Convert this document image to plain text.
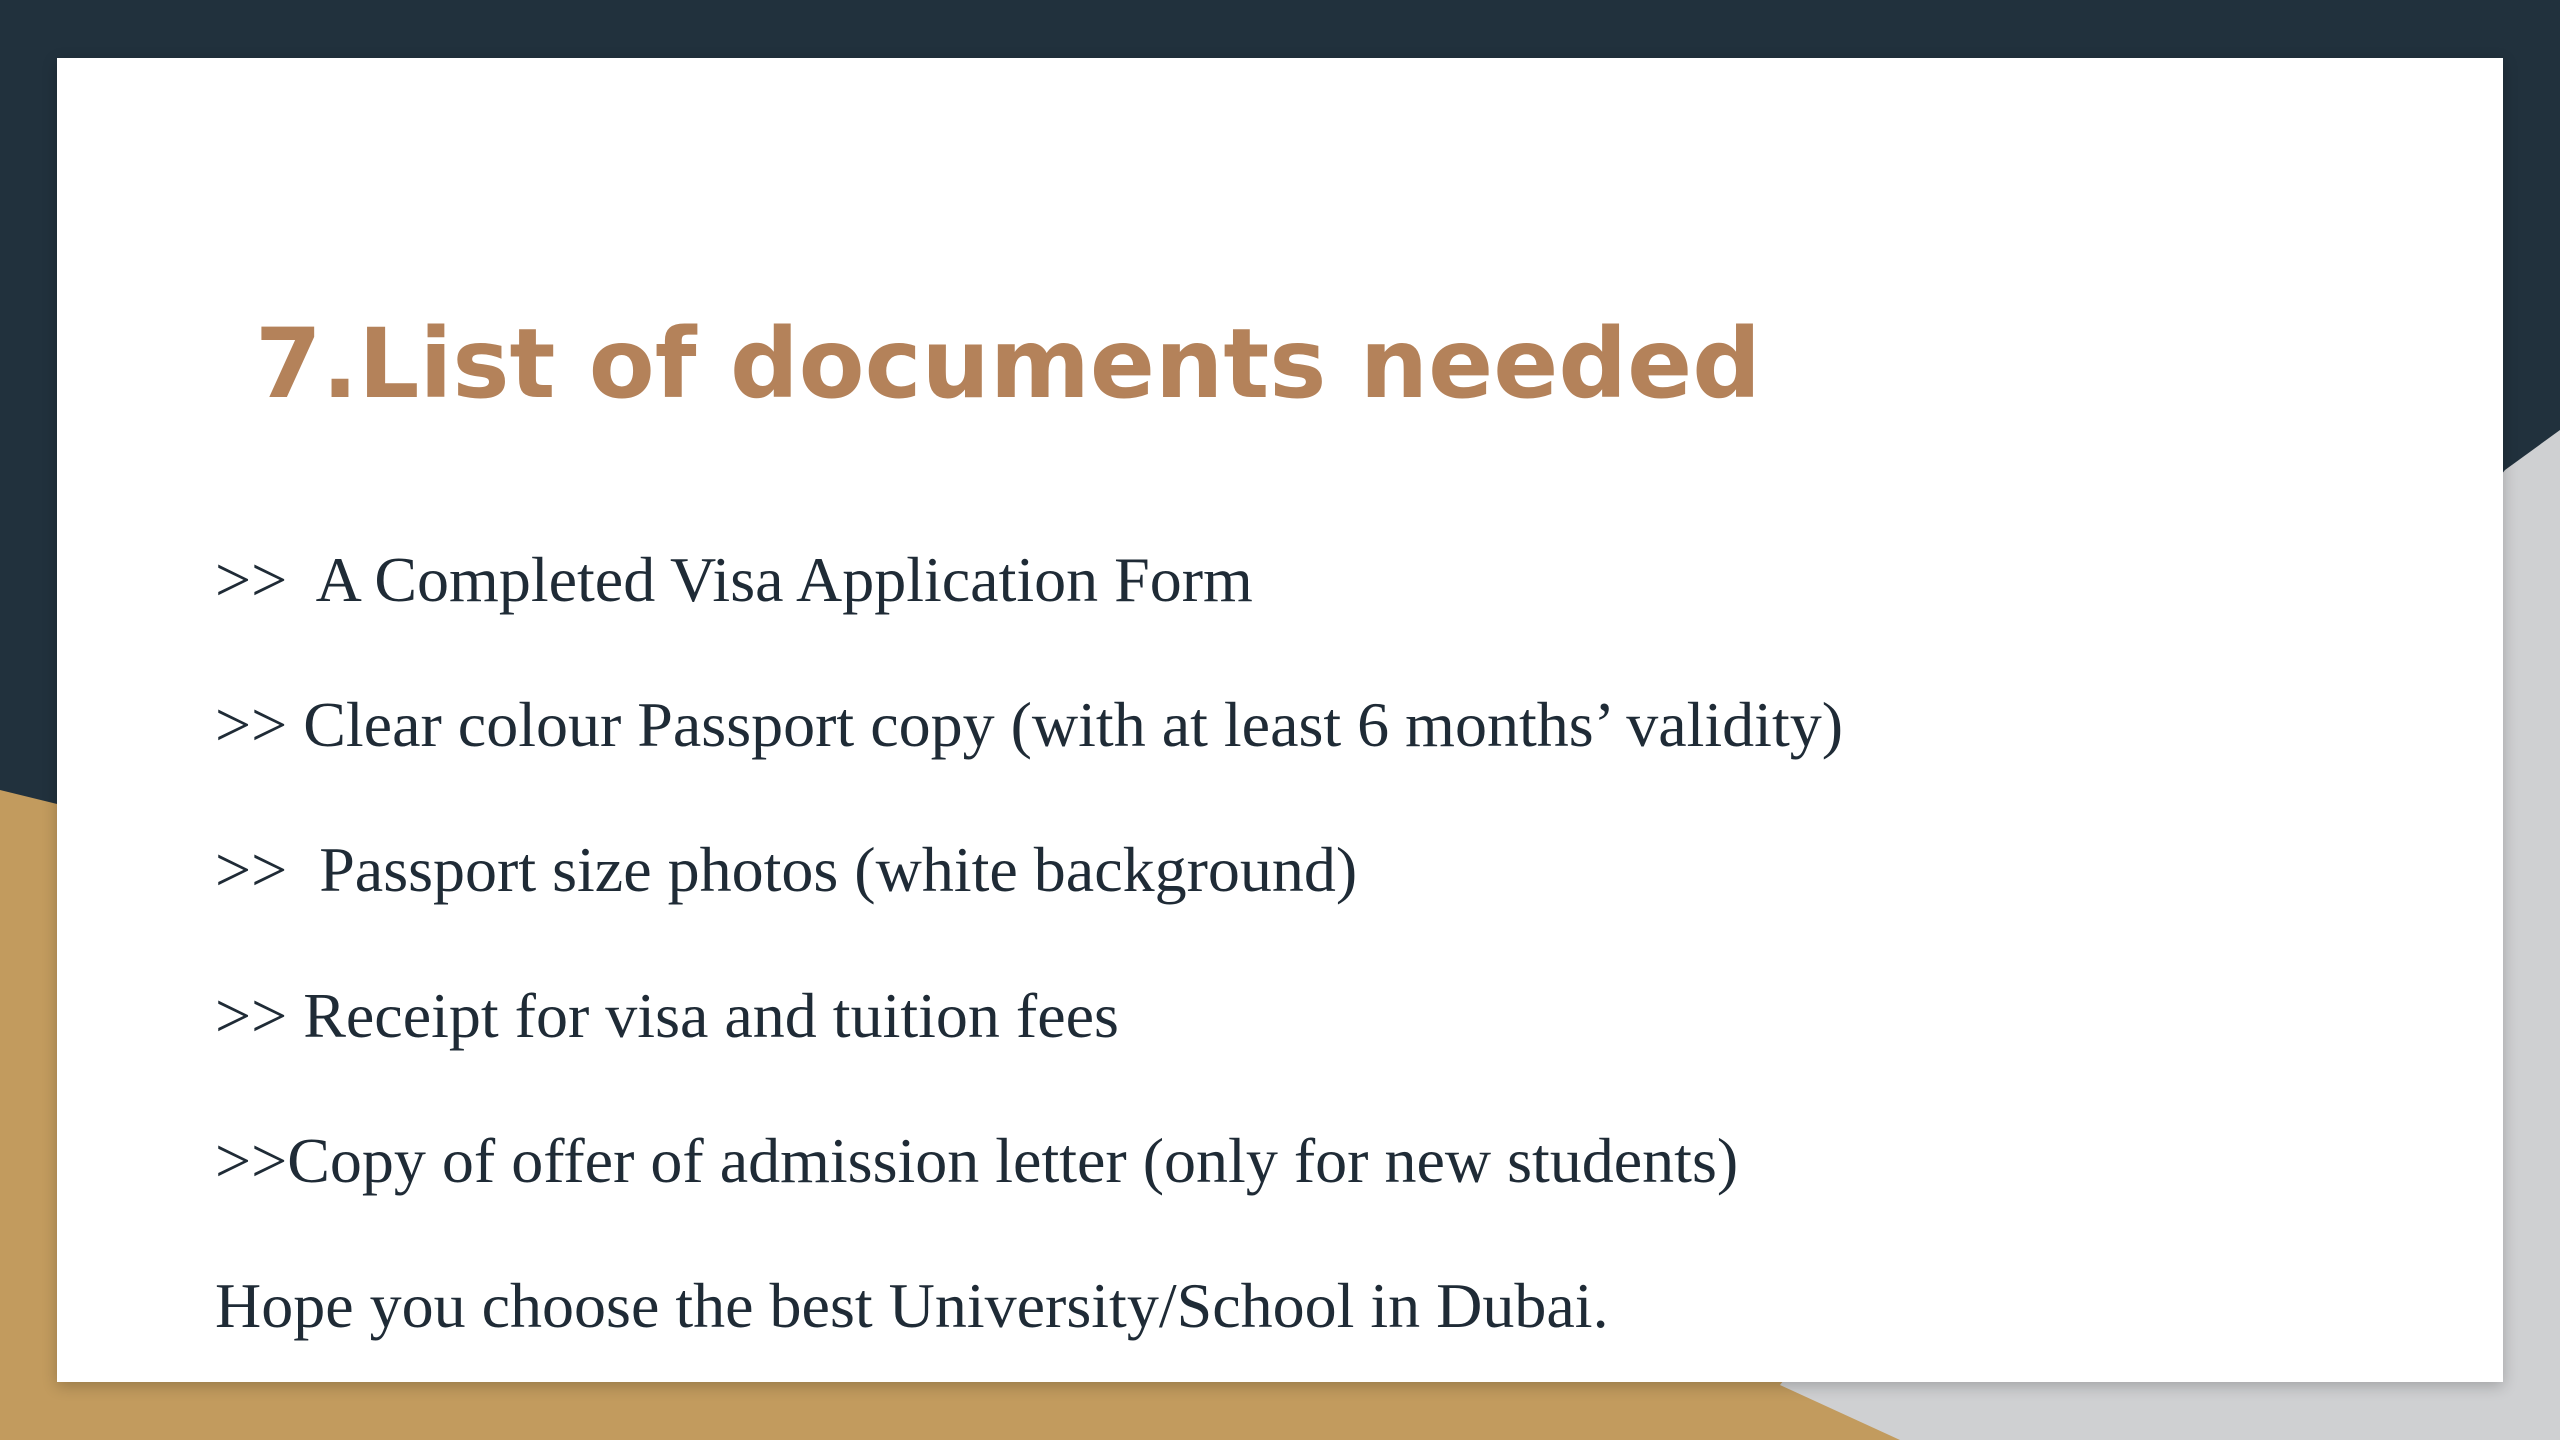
7.List of documents needed

>>  A Completed Visa Application Form

>> Clear colour Passport copy (with at least 6 months’ validity)

>>  Passport size photos (white background)

>> Receipt for visa and tuition fees

>>Copy of offer of admission letter (only for new students)

Hope you choose the best University/School in Dubai.
